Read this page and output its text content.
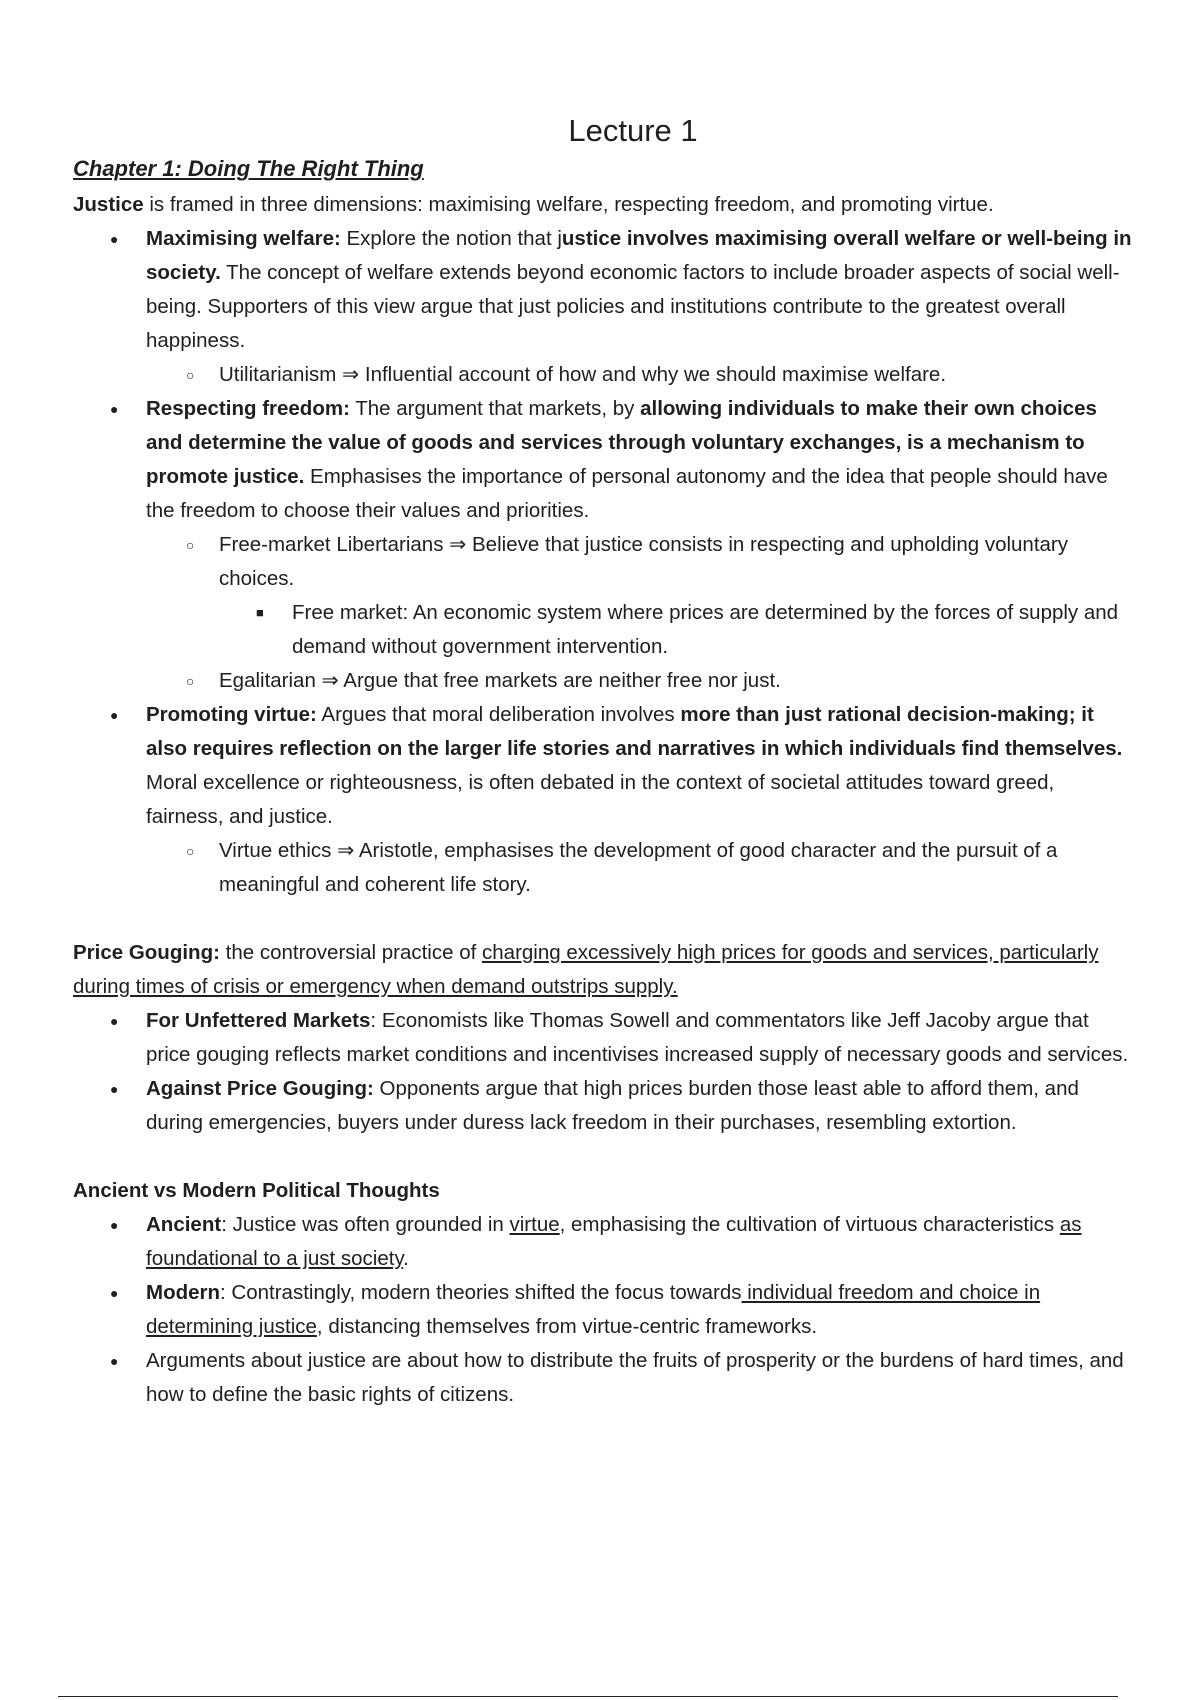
Lecture 1
Chapter 1: Doing The Right Thing

Justice is framed in three dimensions: maximising welfare, respecting freedom, and promoting virtue.

● Maximising welfare: Explore the notion that justice involves maximising overall welfare or well-being in society. The concept of welfare extends beyond economic factors to include broader aspects of social well-being. Supporters of this view argue that just policies and institutions contribute to the greatest overall happiness.
○ Utilitarianism ⇒ Influential account of how and why we should maximise welfare.
● Respecting freedom: The argument that markets, by allowing individuals to make their own choices and determine the value of goods and services through voluntary exchanges, is a mechanism to promote justice. Emphasises the importance of personal autonomy and the idea that people should have the freedom to choose their values and priorities.
○ Free-market Libertarians ⇒ Believe that justice consists in respecting and upholding voluntary choices.
■ Free market: An economic system where prices are determined by the forces of supply and demand without government intervention.
○ Egalitarian ⇒ Argue that free markets are neither free nor just.
● Promoting virtue: Argues that moral deliberation involves more than just rational decision-making; it also requires reflection on the larger life stories and narratives in which individuals find themselves. Moral excellence or righteousness, is often debated in the context of societal attitudes toward greed, fairness, and justice.
○ Virtue ethics ⇒ Aristotle, emphasises the development of good character and the pursuit of a meaningful and coherent life story.

Price Gouging: the controversial practice of charging excessively high prices for goods and services, particularly during times of crisis or emergency when demand outstrips supply.

● For Unfettered Markets: Economists like Thomas Sowell and commentators like Jeff Jacoby argue that price gouging reflects market conditions and incentivises increased supply of necessary goods and services.
● Against Price Gouging: Opponents argue that high prices burden those least able to afford them, and during emergencies, buyers under duress lack freedom in their purchases, resembling extortion.

Ancient vs Modern Political Thoughts

● Ancient: Justice was often grounded in virtue, emphasising the cultivation of virtuous characteristics as foundational to a just society.
● Modern: Contrastingly, modern theories shifted the focus towards individual freedom and choice in determining justice, distancing themselves from virtue-centric frameworks.
● Arguments about justice are about how to distribute the fruits of prosperity or the burdens of hard times, and how to define the basic rights of citizens.
